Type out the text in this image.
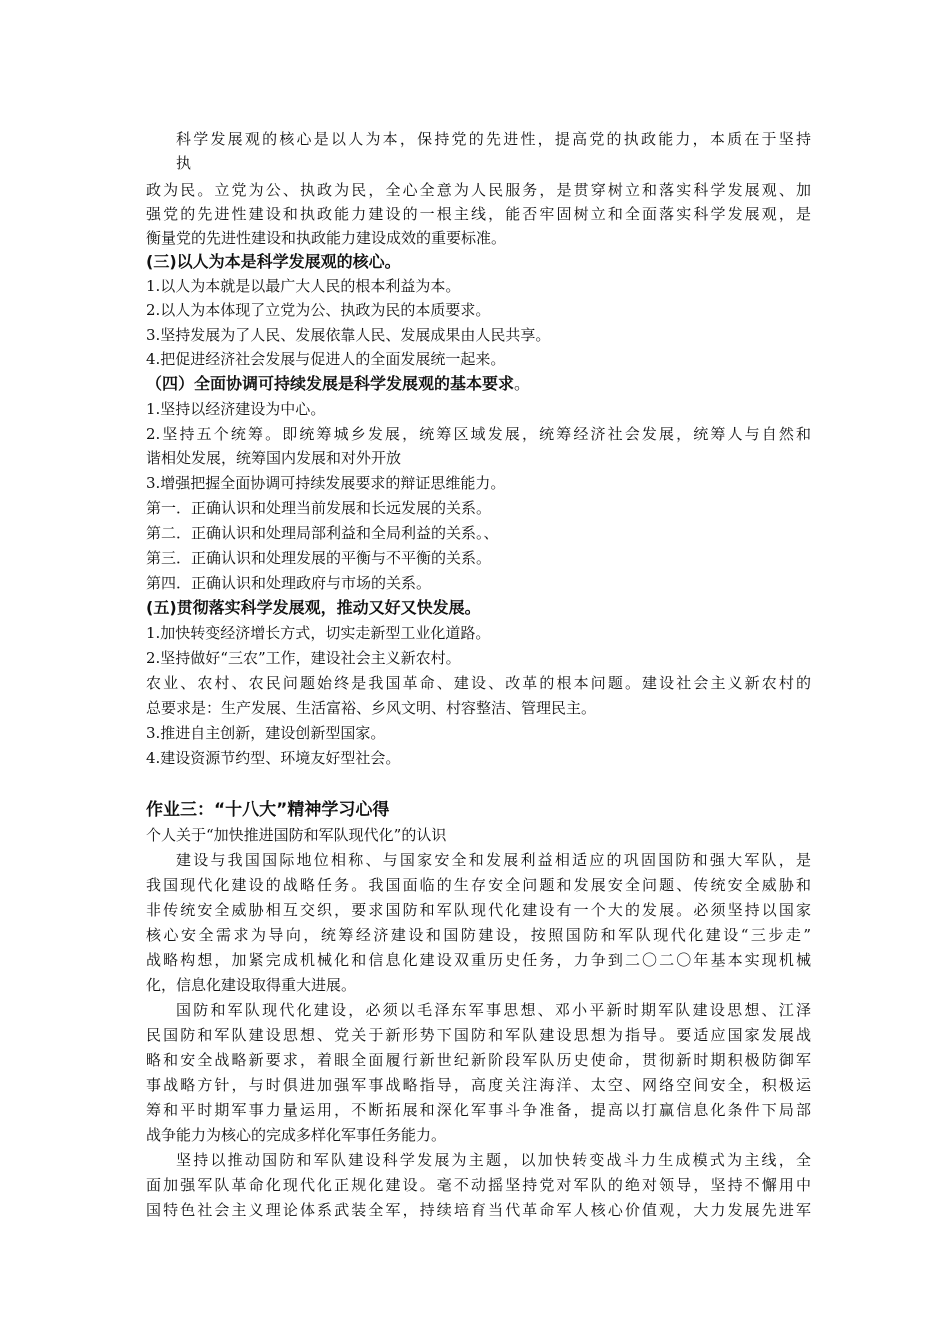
科学发展观的核心是以人为本，保持党的先进性，提高党的执政能力，本质在于坚持
执
政为民。立党为公、执政为民，全心全意为人民服务，是贯穿树立和落实科学发展观、加
强党的先进性建设和执政能力建设的一根主线，能否牢固树立和全面落实科学发展观，是
衡量党的先进性建设和执政能力建设成效的重要标准。
(三)以人为本是科学发展观的核心。
1.以人为本就是以最广大人民的根本利益为本。
2.以人为本体现了立党为公、执政为民的本质要求。
3.坚持发展为了人民、发展依靠人民、发展成果由人民共享。
4.把促进经济社会发展与促进人的全面发展统一起来。
（四）全面协调可持续发展是科学发展观的基本要求。
1.坚持以经济建设为中心。
2.坚持五个统筹。即统筹城乡发展，统筹区域发展，统筹经济社会发展，统筹人与自然和
谐相处发展，统筹国内发展和对外开放
3.增强把握全面协调可持续发展要求的辩证思维能力。
第一．正确认识和处理当前发展和长远发展的关系。
第二．正确认识和处理局部利益和全局利益的关系。、
第三．正确认识和处理发展的平衡与不平衡的关系。
第四．正确认识和处理政府与市场的关系。
(五)贯彻落实科学发展观，推动又好又快发展。
1.加快转变经济增长方式，切实走新型工业化道路。
2.坚持做好“三农”工作，建设社会主义新农村。
农业、农村、农民问题始终是我国革命、建设、改革的根本问题。建设社会主义新农村的
总要求是：生产发展、生活富裕、乡风文明、村容整洁、管理民主。
3.推进自主创新，建设创新型国家。
4.建设资源节约型、环境友好型社会。
作业三：“十八大”精神学习心得
个人关于“加快推进国防和军队现代化”的认识
建设与我国国际地位相称、与国家安全和发展利益相适应的巩固国防和强大军队，是
我国现代化建设的战略任务。我国面临的生存安全问题和发展安全问题、传统安全威胁和
非传统安全威胁相互交织，要求国防和军队现代化建设有一个大的发展。必须坚持以国家
核心安全需求为导向，统筹经济建设和国防建设，按照国防和军队现代化建设“三步走”
战略构想，加紧完成机械化和信息化建设双重历史任务，力争到二〇二〇年基本实现机械
化，信息化建设取得重大进展。
国防和军队现代化建设，必须以毛泽东军事思想、邓小平新时期军队建设思想、江泽
民国防和军队建设思想、党关于新形势下国防和军队建设思想为指导。要适应国家发展战
略和安全战略新要求，着眼全面履行新世纪新阶段军队历史使命，贯彻新时期积极防御军
事战略方针，与时俱进加强军事战略指导，高度关注海洋、太空、网络空间安全，积极运
筹和平时期军事力量运用，不断拓展和深化军事斗争准备，提高以打赢信息化条件下局部
战争能力为核心的完成多样化军事任务能力。
坚持以推动国防和军队建设科学发展为主题，以加快转变战斗力生成模式为主线，全
面加强军队革命化现代化正规化建设。毫不动摇坚持党对军队的绝对领导，坚持不懈用中
国特色社会主义理论体系武装全军，持续培育当代革命军人核心价值观，大力发展先进军
